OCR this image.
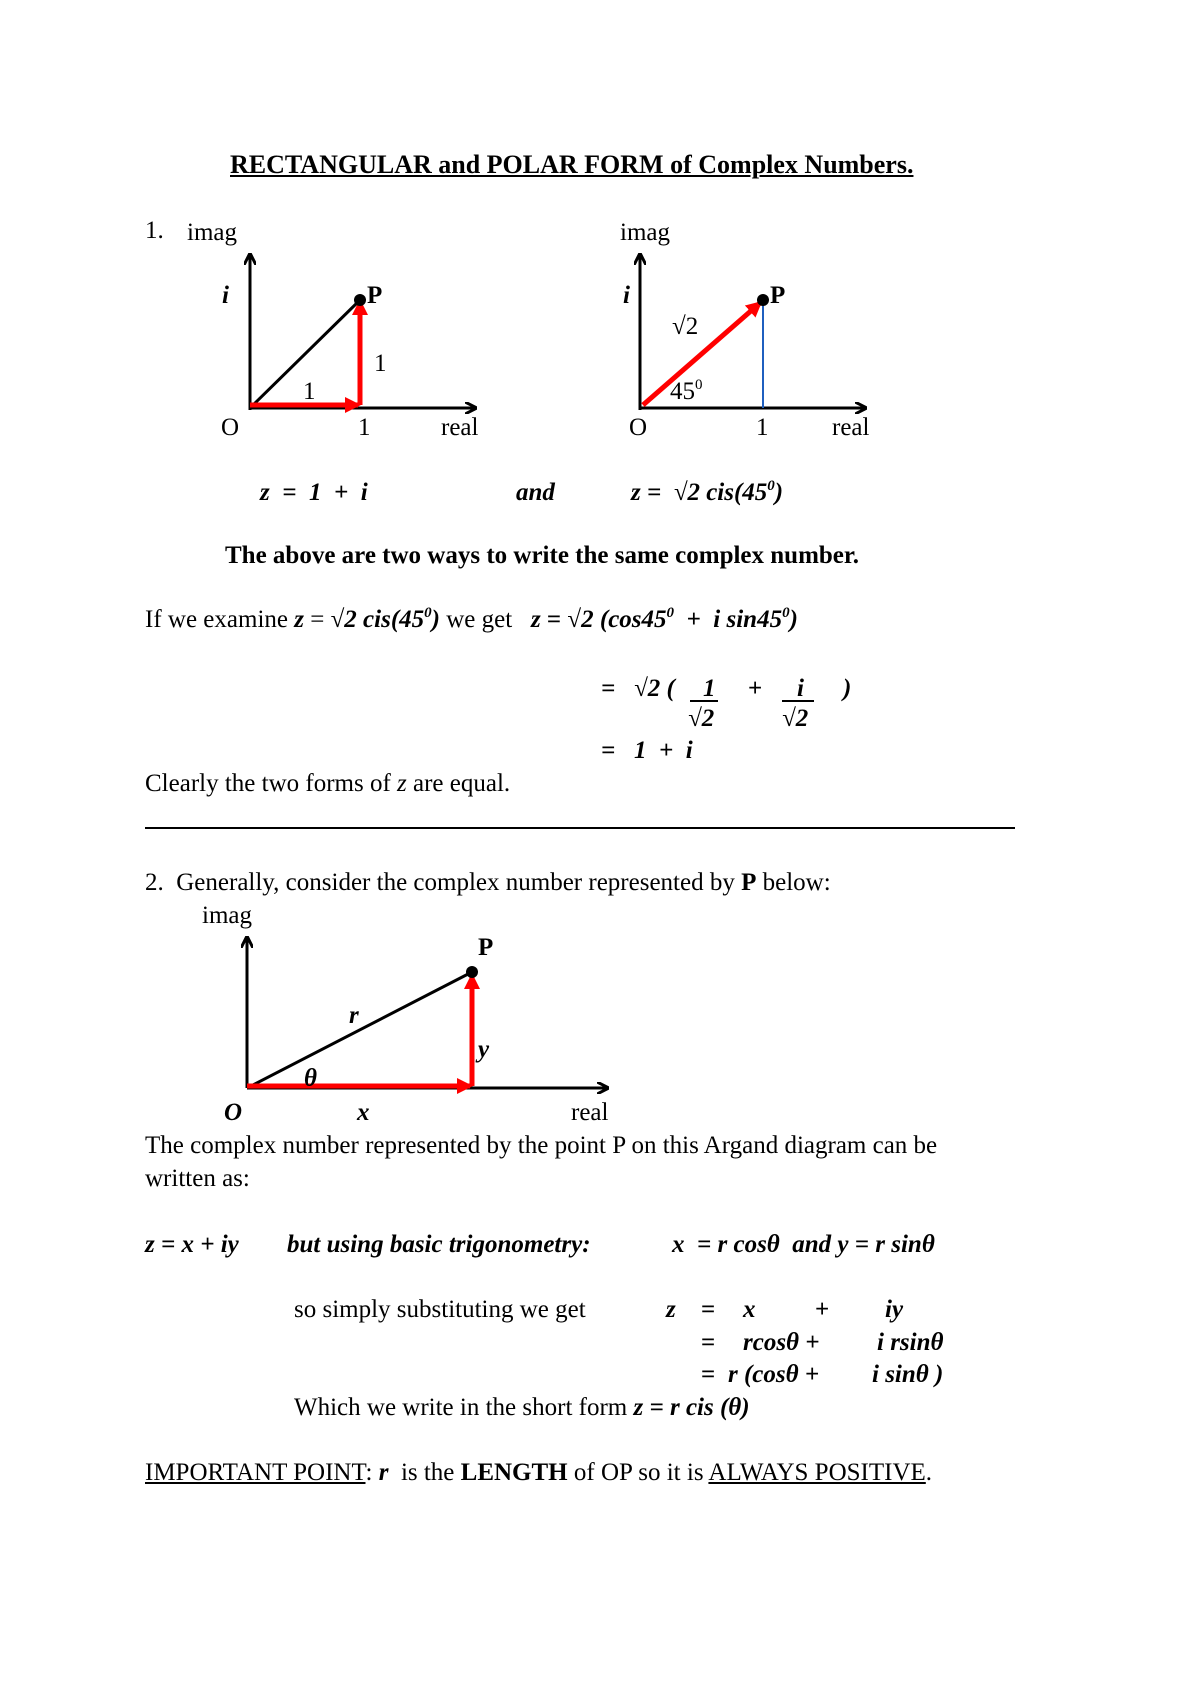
RECTANGULAR and POLAR FORM of Complex Numbers.
1. imag
i	P
1
1
O	1	real
imag
i	P
√2
$45^0$
O	1	real
z  =  1  +  i	and	z =  √2 $cis(45^0)$
The above are two ways to write the same complex number.
If we examine z = √2 $cis(45^0)$ we get   z = √2 ($\cos 45^0 + i$ $\sin 45^0$)
=   √2 ( 1
√2
+ i
√2
)
=   1  +  i
Clearly the two forms of z are equal.
2.  Generally, consider the complex number represented by P below:
imag
P
r
y
θ
O	x	real
The complex number represented by the point P on this Argand diagram can be
written as:
z = x + iy but using basic trigonometry:	x  = r cosθ  and y = r sinθ
so simply substituting we get	z = x + iy
= rcosθ + i rsinθ
= r (cosθ + i sinθ )
Which we write in the short form z = r cis (θ)
IMPORTANT POINT: r  is the LENGTH of OP so it is ALWAYS POSITIVE.
